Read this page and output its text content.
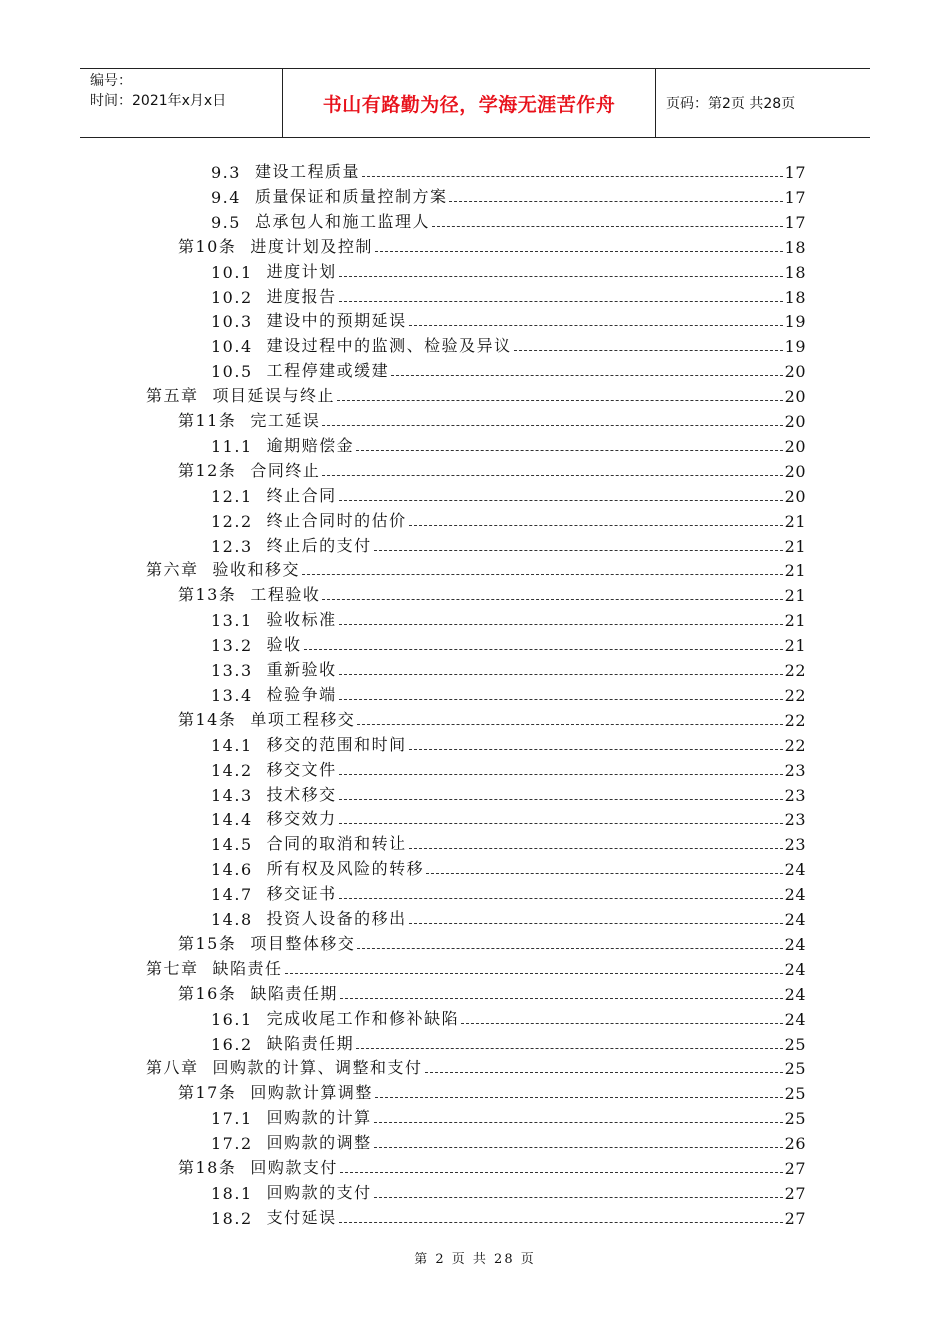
编号：
时间：2021年x月x日	书山有路勤为径，学海无涯苦作舟	页码：第2页 共28页
9.3 建设工程质量	17
9.4 质量保证和质量控制方案	17
9.5 总承包人和施工监理人	17
第10条 进度计划及控制	18
10.1 进度计划	18
10.2 进度报告	18
10.3 建设中的预期延误	19
10.4 建设过程中的监测、检验及异议	19
10.5 工程停建或缓建	20
第五章 项目延误与终止	20
第11条 完工延误	20
11.1 逾期赔偿金	20
第12条 合同终止	20
12.1 终止合同	20
12.2 终止合同时的估价	21
12.3 终止后的支付	21
第六章 验收和移交	21
第13条 工程验收	21
13.1 验收标准	21
13.2 验收	21
13.3 重新验收	22
13.4 检验争端	22
第14条 单项工程移交	22
14.1 移交的范围和时间	22
14.2 移交文件	23
14.3 技术移交	23
14.4 移交效力	23
14.5 合同的取消和转让	23
14.6 所有权及风险的转移	24
14.7 移交证书	24
14.8 投资人设备的移出	24
第15条 项目整体移交	24
第七章 缺陷责任	24
第16条 缺陷责任期	24
16.1 完成收尾工作和修补缺陷	24
16.2 缺陷责任期	25
第八章 回购款的计算、调整和支付	25
第17条 回购款计算调整	25
17.1 回购款的计算	25
17.2 回购款的调整	26
第18条 回购款支付	27
18.1 回购款的支付	27
18.2 支付延误	27
第 2 页 共 28 页
